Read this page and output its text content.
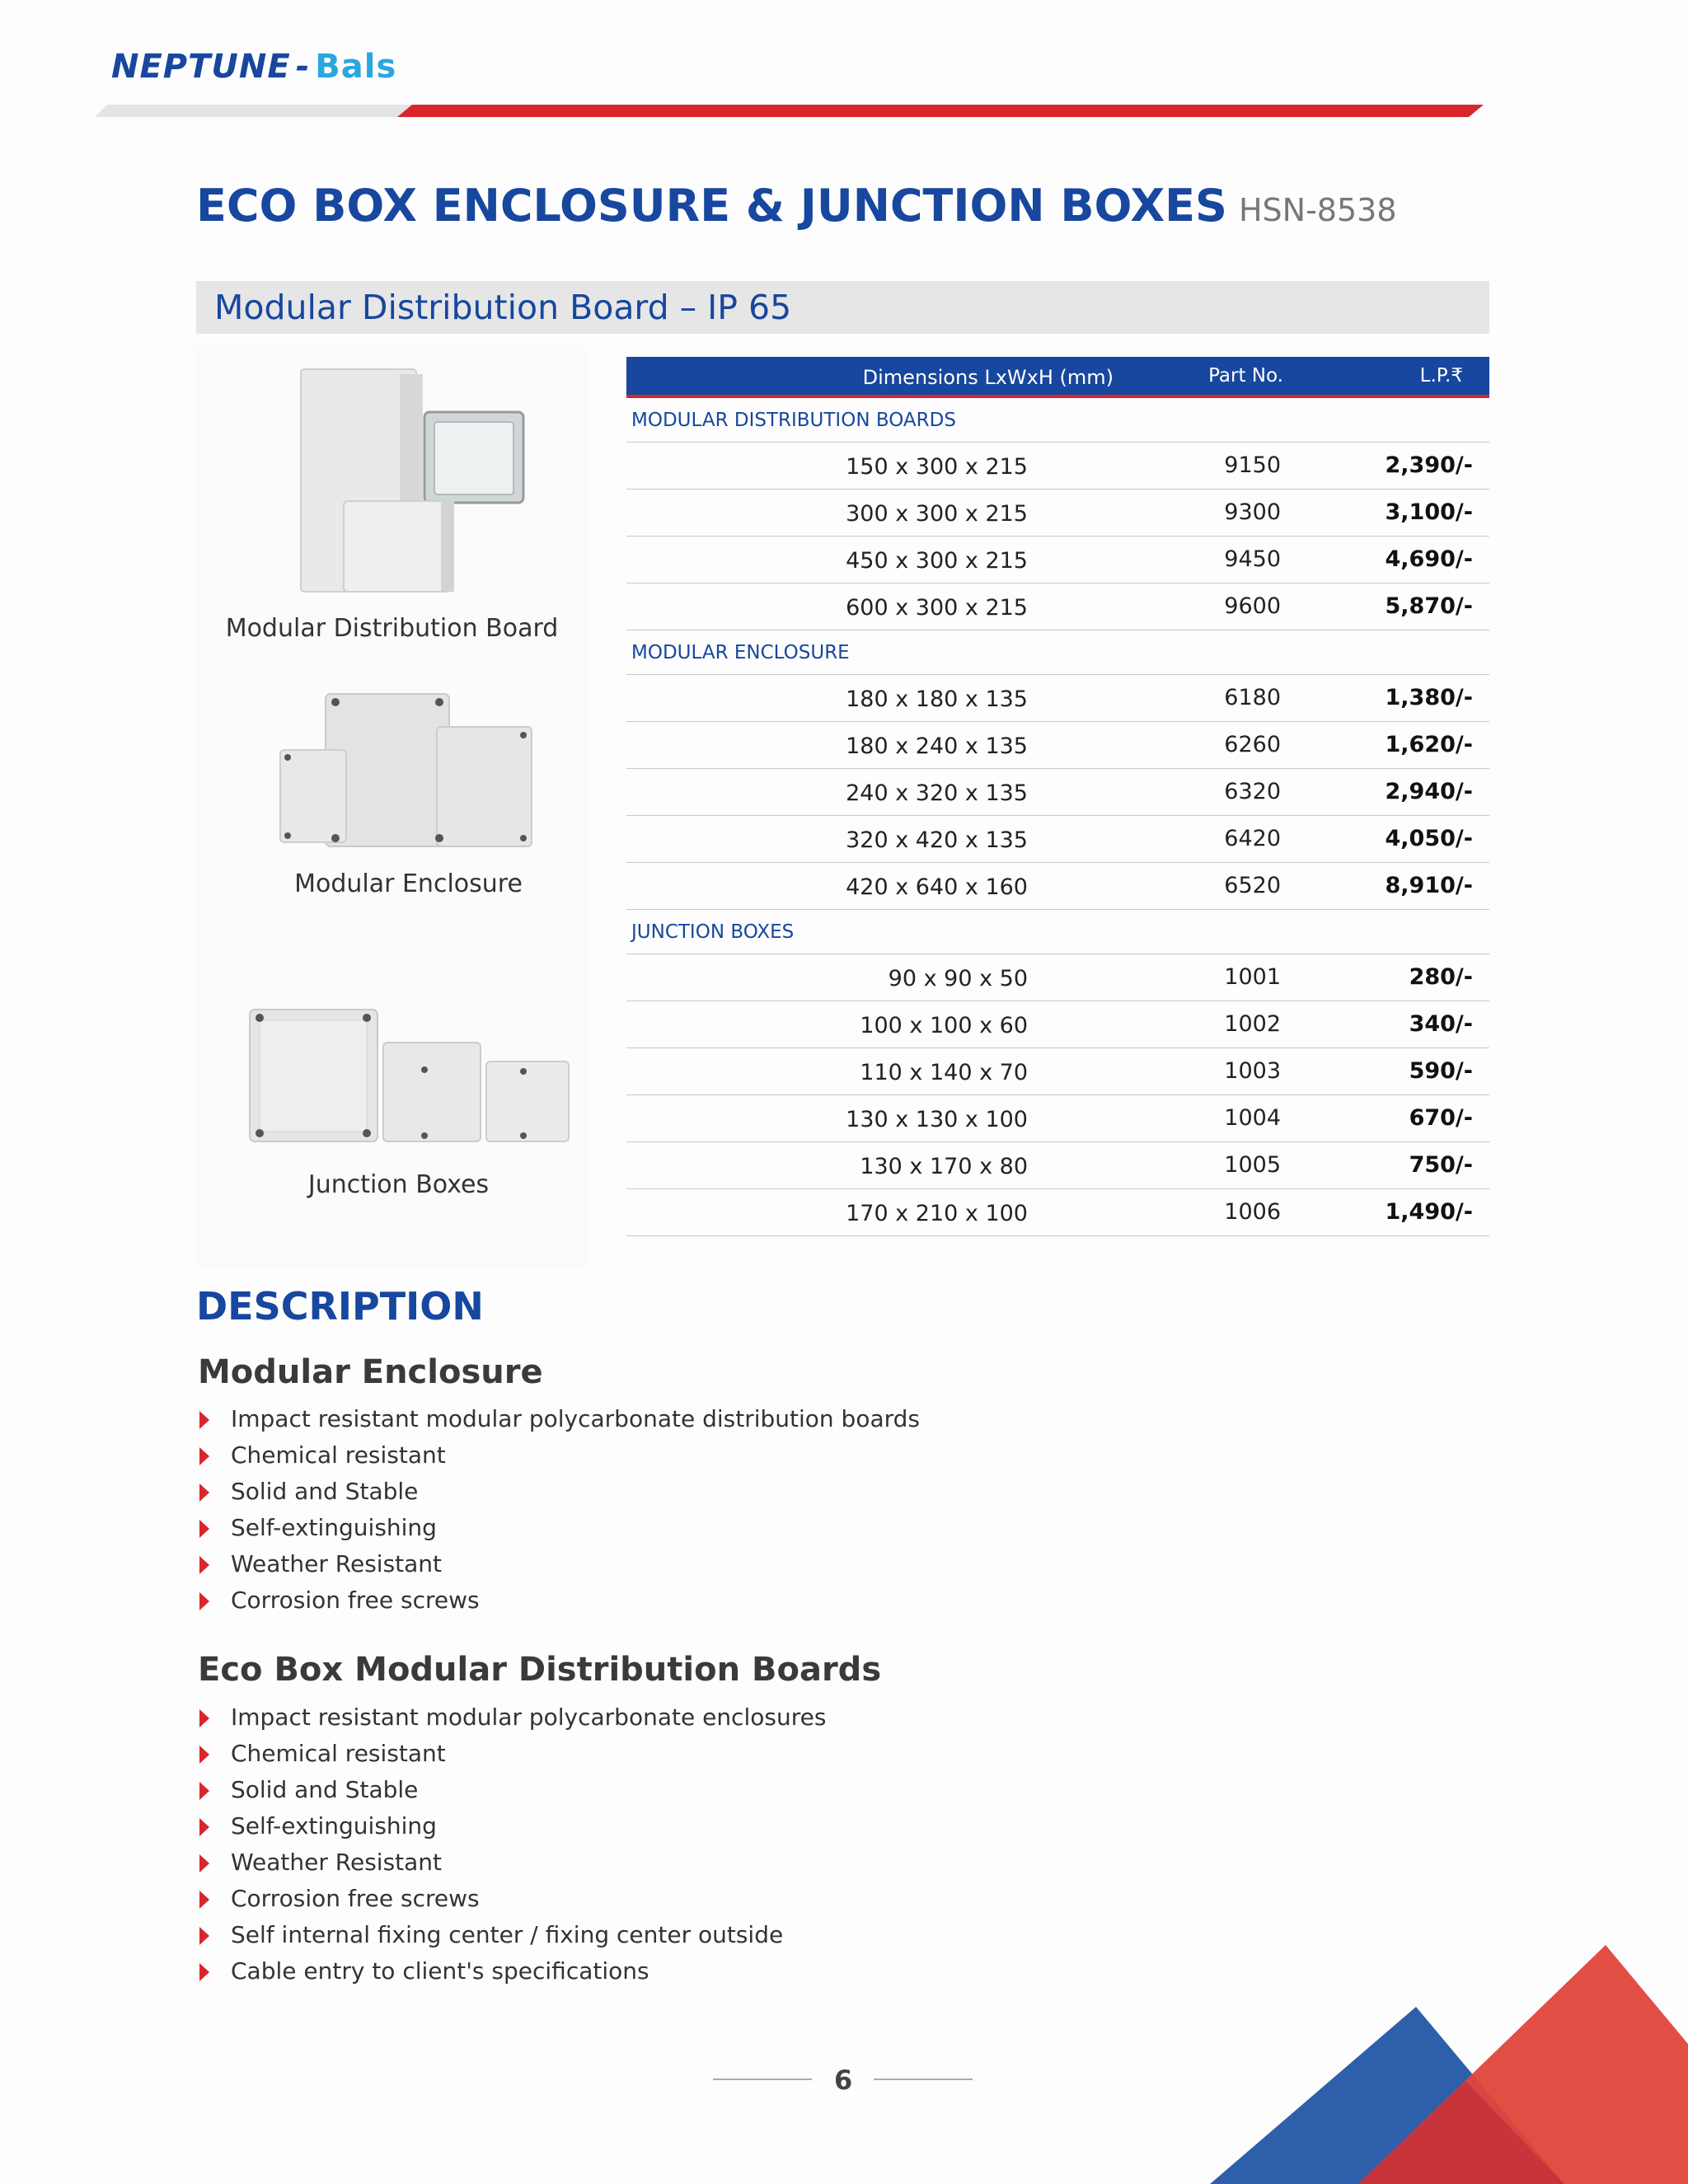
NEPTUNE - Bals
ECO BOX ENCLOSURE & JUNCTION BOXES HSN-8538
Modular Distribution Board – IP 65
Modular Distribution Board
Modular Enclosure
Junction Boxes
Dimensions LxWxH (mm)	Part No.	L.P.₹
MODULAR DISTRIBUTION BOARDS
150 x 300 x 215	9150	2,390/-
300 x 300 x 215	9300	3,100/-
450 x 300 x 215	9450	4,690/-
600 x 300 x 215	9600	5,870/-
MODULAR ENCLOSURE
180 x 180 x 135	6180	1,380/-
180 x 240 x 135	6260	1,620/-
240 x 320 x 135	6320	2,940/-
320 x 420 x 135	6420	4,050/-
420 x 640 x 160	6520	8,910/-
JUNCTION BOXES
90 x 90 x 50	1001	280/-
100 x 100 x 60	1002	340/-
110 x 140 x 70	1003	590/-
130 x 130 x 100	1004	670/-
130 x 170 x 80	1005	750/-
170 x 210 x 100	1006	1,490/-
DESCRIPTION
Modular Enclosure
Impact resistant modular polycarbonate distribution boards
Chemical resistant
Solid and Stable
Self-extinguishing
Weather Resistant
Corrosion free screws
Eco Box Modular Distribution Boards
Impact resistant modular polycarbonate enclosures
Chemical resistant
Solid and Stable
Self-extinguishing
Weather Resistant
Corrosion free screws
Self internal fixing center / fixing center outside
Cable entry to client's specifications
6
